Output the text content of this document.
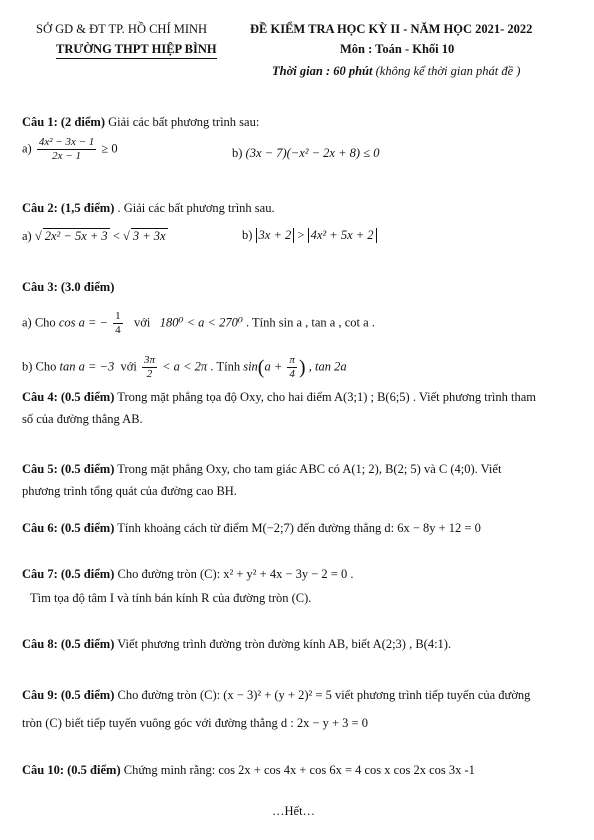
SỞ GD & ĐT TP. HỒ CHÍ MINH
TRƯỜNG THPT HIỆP BÌNH
ĐỀ KIỂM TRA HỌC KỲ II - NĂM HỌC 2021- 2022
Môn : Toán - Khối 10
Thời gian : 60 phút (không kể thời gian phát đề )
Câu 1: (2 điểm) Giải các bất phương trình sau:
$a) \frac{\text{4x² − 3x − 1}}{2x - 1} \ge 0$	b) (3x − 7)(−x² − 2x + 8) ≤ 0
Câu 2: (1,5 điểm) . Giải các bất phương trình sau.
a) √ 2x² − 5x + 3 < √ 3 + 3x	b) 3x + 2 > 4x² + 5x + 2
Câu 3: (3.0 điểm)
a) Cho cos a = − $\frac{1}{4}$ với 180⁰ < a < 270⁰ . Tính sin a , tan a , cot a .
b) Cho tan a = −3 với $\frac{3\pi}{2} < a < 2\pi$ . Tính $\sin(a + \frac{\pi}{4}$ ) , tan 2a
Câu 4: (0.5 điểm) Trong mặt phẳng tọa độ Oxy, cho hai điểm A(3;1) ; B(6;5) . Viết phương trình tham
số của đường thẳng AB.
Câu 5: (0.5 điểm) Trong mặt phẳng Oxy, cho tam giác ABC có A(1; 2), B(2; 5) và C (4;0). Viết
phương trình tổng quát của đường cao BH.
Câu 6: (0.5 điểm) Tính khoảng cách từ điểm M(−2;7) đến đường thẳng d: 6x − 8y + 12 = 0
Câu 7: (0.5 điểm) Cho đường tròn (C): x² + y² + 4x − 3y − 2 = 0 .
Tìm tọa độ tâm I và tính bán kính R của đường tròn (C).
Câu 8: (0.5 điểm) Viết phương trình đường tròn đường kính AB, biết A(2;3) , B(4:1).
Câu 9: (0.5 điểm) Cho đường tròn (C): (x − 3)² + (y + 2)² = 5 viết phương trình tiếp tuyến của đường
tròn (C) biết tiếp tuyến vuông góc với đường thẳng d : 2x − y + 3 = 0
Câu 10: (0.5 điểm) Chứng minh rằng: cos 2x + cos 4x + cos 6x = 4 cos x cos 2x cos 3x -1
…Hết…
